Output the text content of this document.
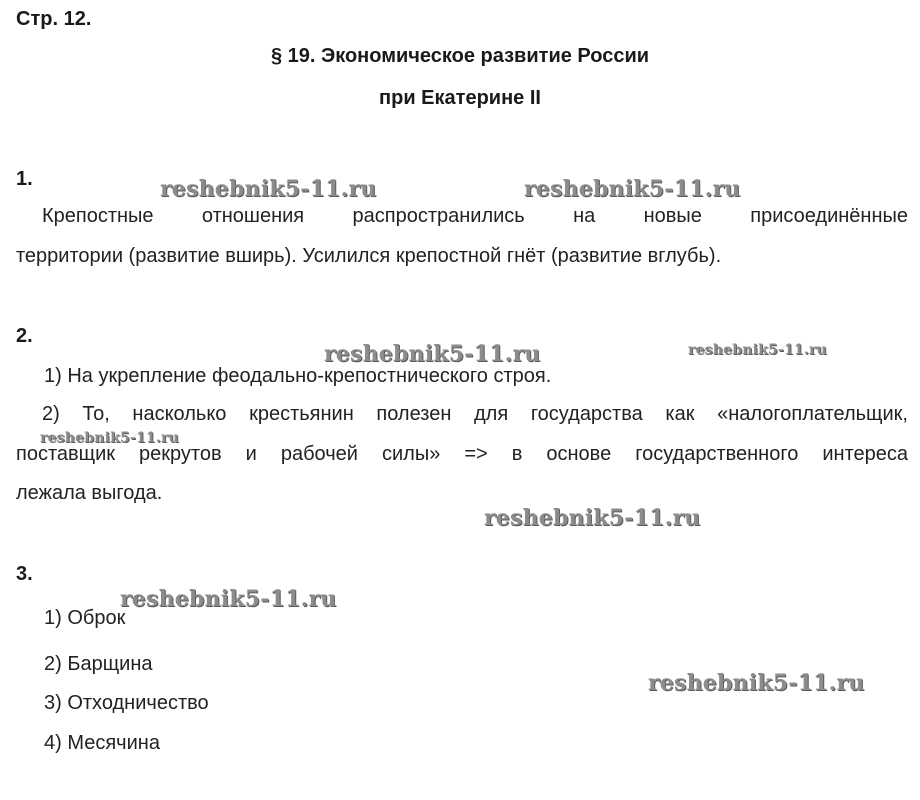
Стр. 12.
§ 19. Экономическое развитие России
при Екатерине II
1.
Крепостные отношения распространились на новые присоединённые
территории (развитие вширь). Усилился крепостной гнёт (развитие вглубь).
2.
1) На укрепление феодально-крепостнического строя.
2) То, насколько крестьянин полезен для государства как «налогоплательщик,
поставщик рекрутов и рабочей силы» => в основе государственного интереса
лежала выгода.
3.
1) Оброк
2) Барщина
3) Отходничество
4) Месячина
reshebnik5-11.ru	reshebnik5-11.ru
reshebnik5-11.ru	reshebnik5-11.ru
reshebnik5-11.ru
reshebnik5-11.ru
reshebnik5-11.ru
reshebnik5-11.ru
